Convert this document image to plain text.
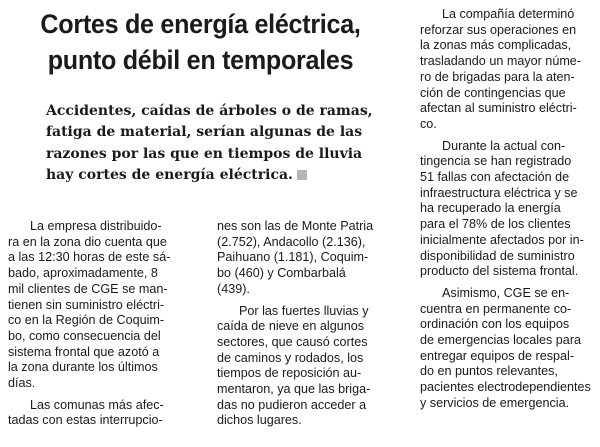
Cortes de energía eléctrica,
punto débil en temporales
Accidentes, caídas de árboles o de ramas,
fatiga de material, serían algunas de las
razones por las que en tiempos de lluvia
hay cortes de energía eléctrica.
La empresa distribuido-
ra en la zona dio cuenta que
a las 12:30 horas de este sá-
bado, aproximadamente, 8
mil clientes de CGE se man-
tienen sin suministro eléctri-
co en la Región de Coquim-
bo, como consecuencia del
sistema frontal que azotó a
la zona durante los últimos
días.
Las comunas más afec-
tadas con estas interrupcio-
nes son las de Monte Patria
(2.752), Andacollo (2.136),
Paihuano (1.181), Coquim-
bo (460) y Combarbalá
(439).
Por las fuertes lluvias y
caída de nieve en algunos
sectores, que causó cortes
de caminos y rodados, los
tiempos de reposición au-
mentaron, ya que las briga-
das no pudieron acceder a
dichos lugares.
La compañía determinó
reforzar sus operaciones en
la zonas más complicadas,
trasladando un mayor núme-
ro de brigadas para la aten-
ción de contingencias que
afectan al suministro eléctri-
co.
Durante la actual con-
tingencia se han registrado
51 fallas con afectación de
infraestructura eléctrica y se
ha recuperado la energía
para el 78% de los clientes
inicialmente afectados por in-
disponibilidad de suministro
producto del sistema frontal.
Asimismo, CGE se en-
cuentra en permanente co-
ordinación con los equipos
de emergencias locales para
entregar equipos de respal-
do en puntos relevantes,
pacientes electrodependientes
y servicios de emergencia.
